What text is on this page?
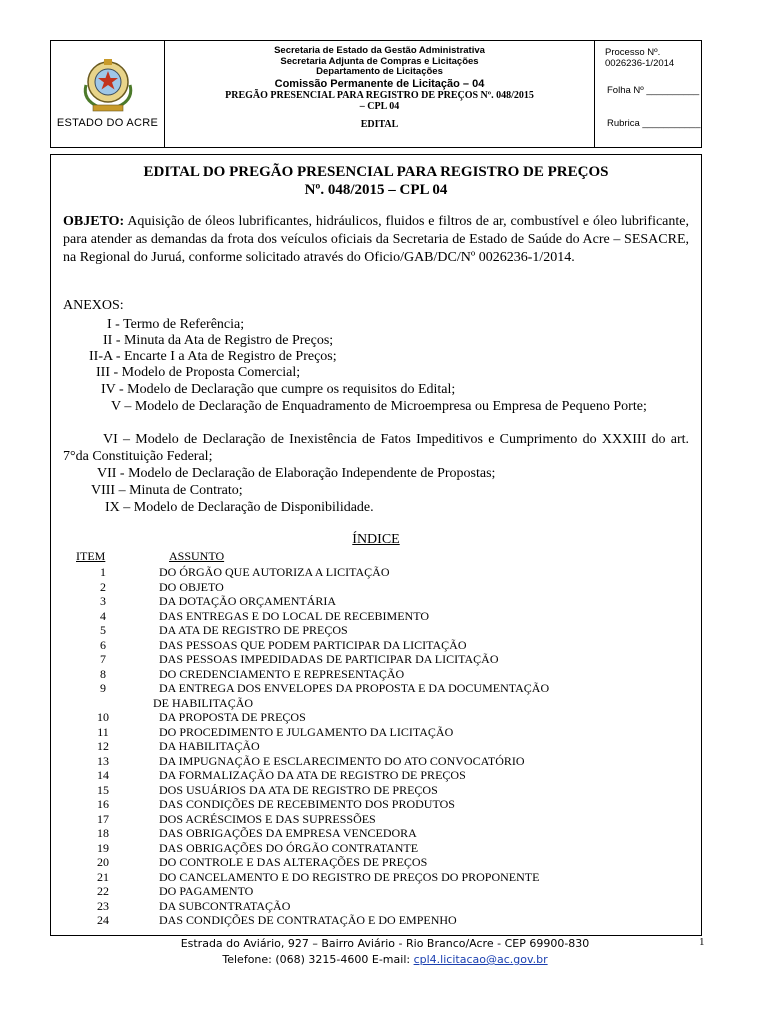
ESTADO DO ACRE
Secretaria de Estado da Gestão Administrativa
Secretaria Adjunta de Compras e Licitações
Departamento de Licitações
Comissão Permanente de Licitação – 04
PREGÃO PRESENCIAL PARA REGISTRO DE PREÇOS Nº. 048/2015
– CPL 04
EDITAL
Processo Nº. 0026236-1/2014
Folha Nº __________
Rubrica ___________
EDITAL DO PREGÃO PRESENCIAL PARA REGISTRO DE PREÇOS
Nº. 048/2015 – CPL 04
OBJETO: Aquisição de óleos lubrificantes, hidráulicos, fluidos e filtros de ar, combustível e óleo lubrificante, para atender as demandas da frota dos veículos oficiais da Secretaria de Estado de Saúde do Acre – SESACRE, na Regional do Juruá, conforme solicitado através do Oficio/GAB/DC/Nº 0026236-1/2014.
ANEXOS:
I - Termo de Referência;
II - Minuta da Ata de Registro de Preços;
II-A - Encarte I a Ata de Registro de Preços;
III - Modelo de Proposta Comercial;
IV - Modelo de Declaração que cumpre os requisitos do Edital;
V – Modelo de Declaração de Enquadramento de Microempresa ou Empresa de Pequeno Porte;
VI – Modelo de Declaração de Inexistência de Fatos Impeditivos e Cumprimento do XXXIII do art. 7°da Constituição Federal;
VII - Modelo de Declaração de Elaboração Independente de Propostas;
VIII – Minuta de Contrato;
IX – Modelo de Declaração de Disponibilidade.
ÍNDICE
ITEM	ASSUNTO
1	DO ÓRGÃO QUE AUTORIZA A LICITAÇÃO
2	DO OBJETO
3	DA DOTAÇÃO ORÇAMENTÁRIA
4	DAS ENTREGAS E DO LOCAL DE RECEBIMENTO
5	DA ATA DE REGISTRO DE PREÇOS
6	DAS PESSOAS QUE PODEM PARTICIPAR DA LICITAÇÃO
7	DAS PESSOAS IMPEDIDADAS DE PARTICIPAR DA LICITAÇÃO
8	DO CREDENCIAMENTO E REPRESENTAÇÃO
9	DA ENTREGA DOS ENVELOPES DA PROPOSTA E DA DOCUMENTAÇÃO
DE HABILITAÇÃO
10	DA PROPOSTA DE PREÇOS
11	DO PROCEDIMENTO E JULGAMENTO DA LICITAÇÃO
12	DA HABILITAÇÃO
13	DA IMPUGNAÇÃO E ESCLARECIMENTO DO ATO CONVOCATÓRIO
14	DA FORMALIZAÇÃO DA ATA DE REGISTRO DE PREÇOS
15	DOS USUÁRIOS DA ATA DE REGISTRO DE PREÇOS
16	DAS CONDIÇÕES DE RECEBIMENTO DOS PRODUTOS
17	DOS ACRÉSCIMOS E DAS SUPRESSÕES
18	DAS OBRIGAÇÕES DA EMPRESA VENCEDORA
19	DAS OBRIGAÇÕES DO ÓRGÃO CONTRATANTE
20	DO CONTROLE E DAS ALTERAÇÕES DE PREÇOS
21	DO CANCELAMENTO E DO REGISTRO DE PREÇOS DO PROPONENTE
22	DO PAGAMENTO
23	DA SUBCONTRATAÇÃO
24	DAS CONDIÇÕES DE CONTRATAÇÃO E DO EMPENHO
Estrada do Aviário, 927 – Bairro Aviário - Rio Branco/Acre - CEP 69900-830
Telefone: (068) 3215-4600 E-mail: cpl4.licitacao@ac.gov.br
1
